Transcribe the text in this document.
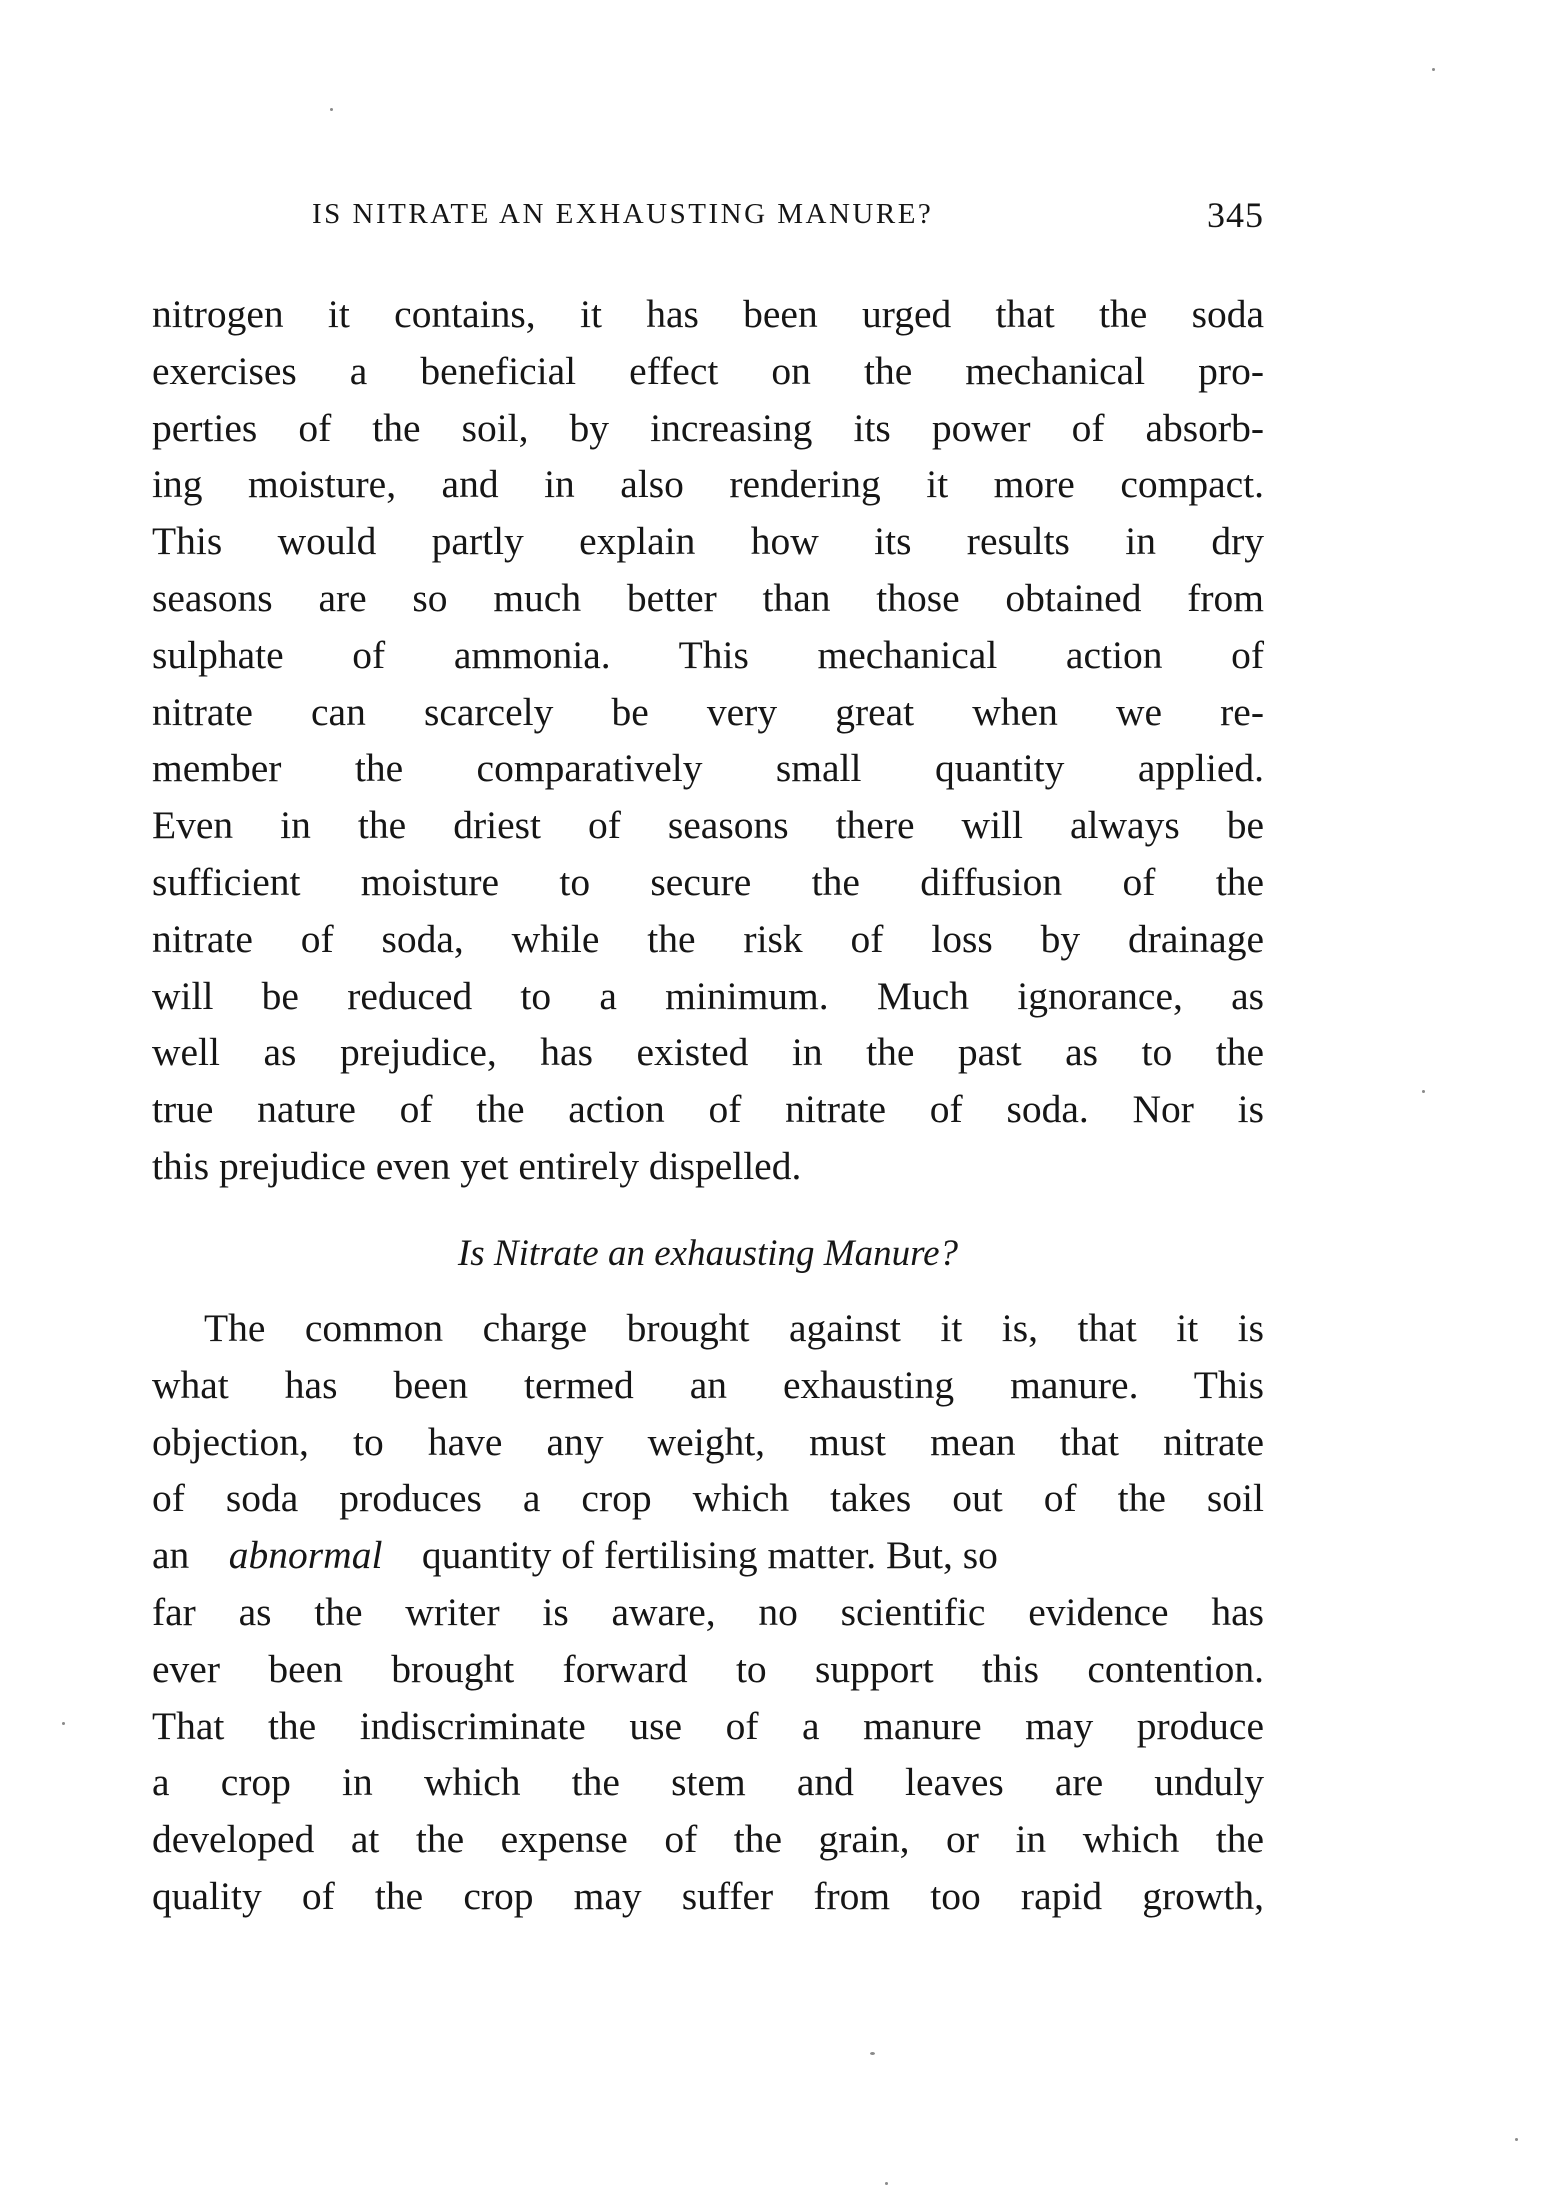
IS NITRATE AN EXHAUSTING MANURE?	345
nitrogen it contains, it has been urged that the soda
exercises a beneficial effect on the mechanical pro-
perties of the soil, by increasing its power of absorb-
ing moisture, and in also rendering it more compact.
This would partly explain how its results in dry
seasons are so much better than those obtained from
sulphate of ammonia. This mechanical action of
nitrate can scarcely be very great when we re-
member the comparatively small quantity applied.
Even in the driest of seasons there will always be
sufficient moisture to secure the diffusion of the
nitrate of soda, while the risk of loss by drainage
will be reduced to a minimum. Much ignorance, as
well as prejudice, has existed in the past as to the
true nature of the action of nitrate of soda. Nor is
this prejudice even yet entirely dispelled.
Is Nitrate an exhausting Manure?
The common charge brought against it is, that it is
what has been termed an exhausting manure. This
objection, to have any weight, must mean that nitrate
of soda produces a crop which takes out of the soil
an  abnormal  quantity of fertilising matter. But, so
far as the writer is aware, no scientific evidence has
ever been brought forward to support this contention.
That the indiscriminate use of a manure may produce
a crop in which the stem and leaves are unduly
developed at the expense of the grain, or in which the
quality of the crop may suffer from too rapid growth,
